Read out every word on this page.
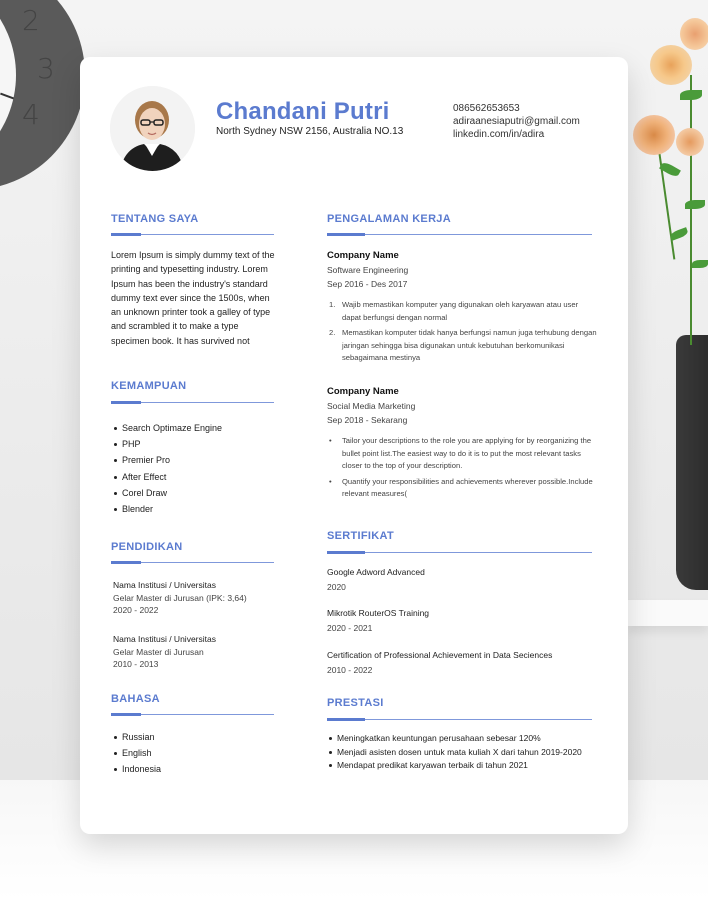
2
3
4	Chandani Putri
North Sydney NSW 2156, Australia NO.13
086562653653
adiraanesiaputri@gmail.com
linkedin.com/in/adira
TENTANG SAYA
Lorem Ipsum is simply dummy text of the printing and typesetting industry. Lorem Ipsum has been the industry's standard dummy text ever since the 1500s, when an unknown printer took a galley of type and scrambled it to make a type specimen book. It has survived not
KEMAMPUAN
Search Optimaze Engine
PHP
Premier Pro
After Effect
Corel Draw
Blender
PENDIDIKAN
Nama Institusi / Universitas
Gelar Master di Jurusan (IPK: 3,64)
2020 - 2022
Nama Institusi / Universitas
Gelar Master di Jurusan
2010 - 2013
BAHASA
Russian
English
Indonesia
PENGALAMAN KERJA
Company Name
Software Engineering
Sep 2016 - Des 2017
1. Wajib memastikan komputer yang digunakan oleh karyawan atau user dapat berfungsi dengan normal
2. Memastikan komputer tidak hanya berfungsi namun juga terhubung dengan jaringan sehingga bisa digunakan untuk kebutuhan berkomunikasi sebagaimana mestinya
Company Name
Social Media Marketing
Sep 2018 - Sekarang
• Tailor your descriptions to the role you are applying for by reorganizing the bullet point list.The easiest way to do it is to put the most relevant tasks closer to the top of your description.
• Quantify your responsibilities and achievements wherever possible.Include relevant measures(
SERTIFIKAT
Google Adword Advanced
2020
Mikrotik RouterOS Training
2020 - 2021
Certification of Professional Achievement in Data Seciences
2010 - 2022
PRESTASI
Meningkatkan keuntungan perusahaan sebesar 120%
Menjadi asisten dosen untuk mata kuliah X dari tahun 2019-2020
Mendapat predikat karyawan terbaik di tahun 2021
